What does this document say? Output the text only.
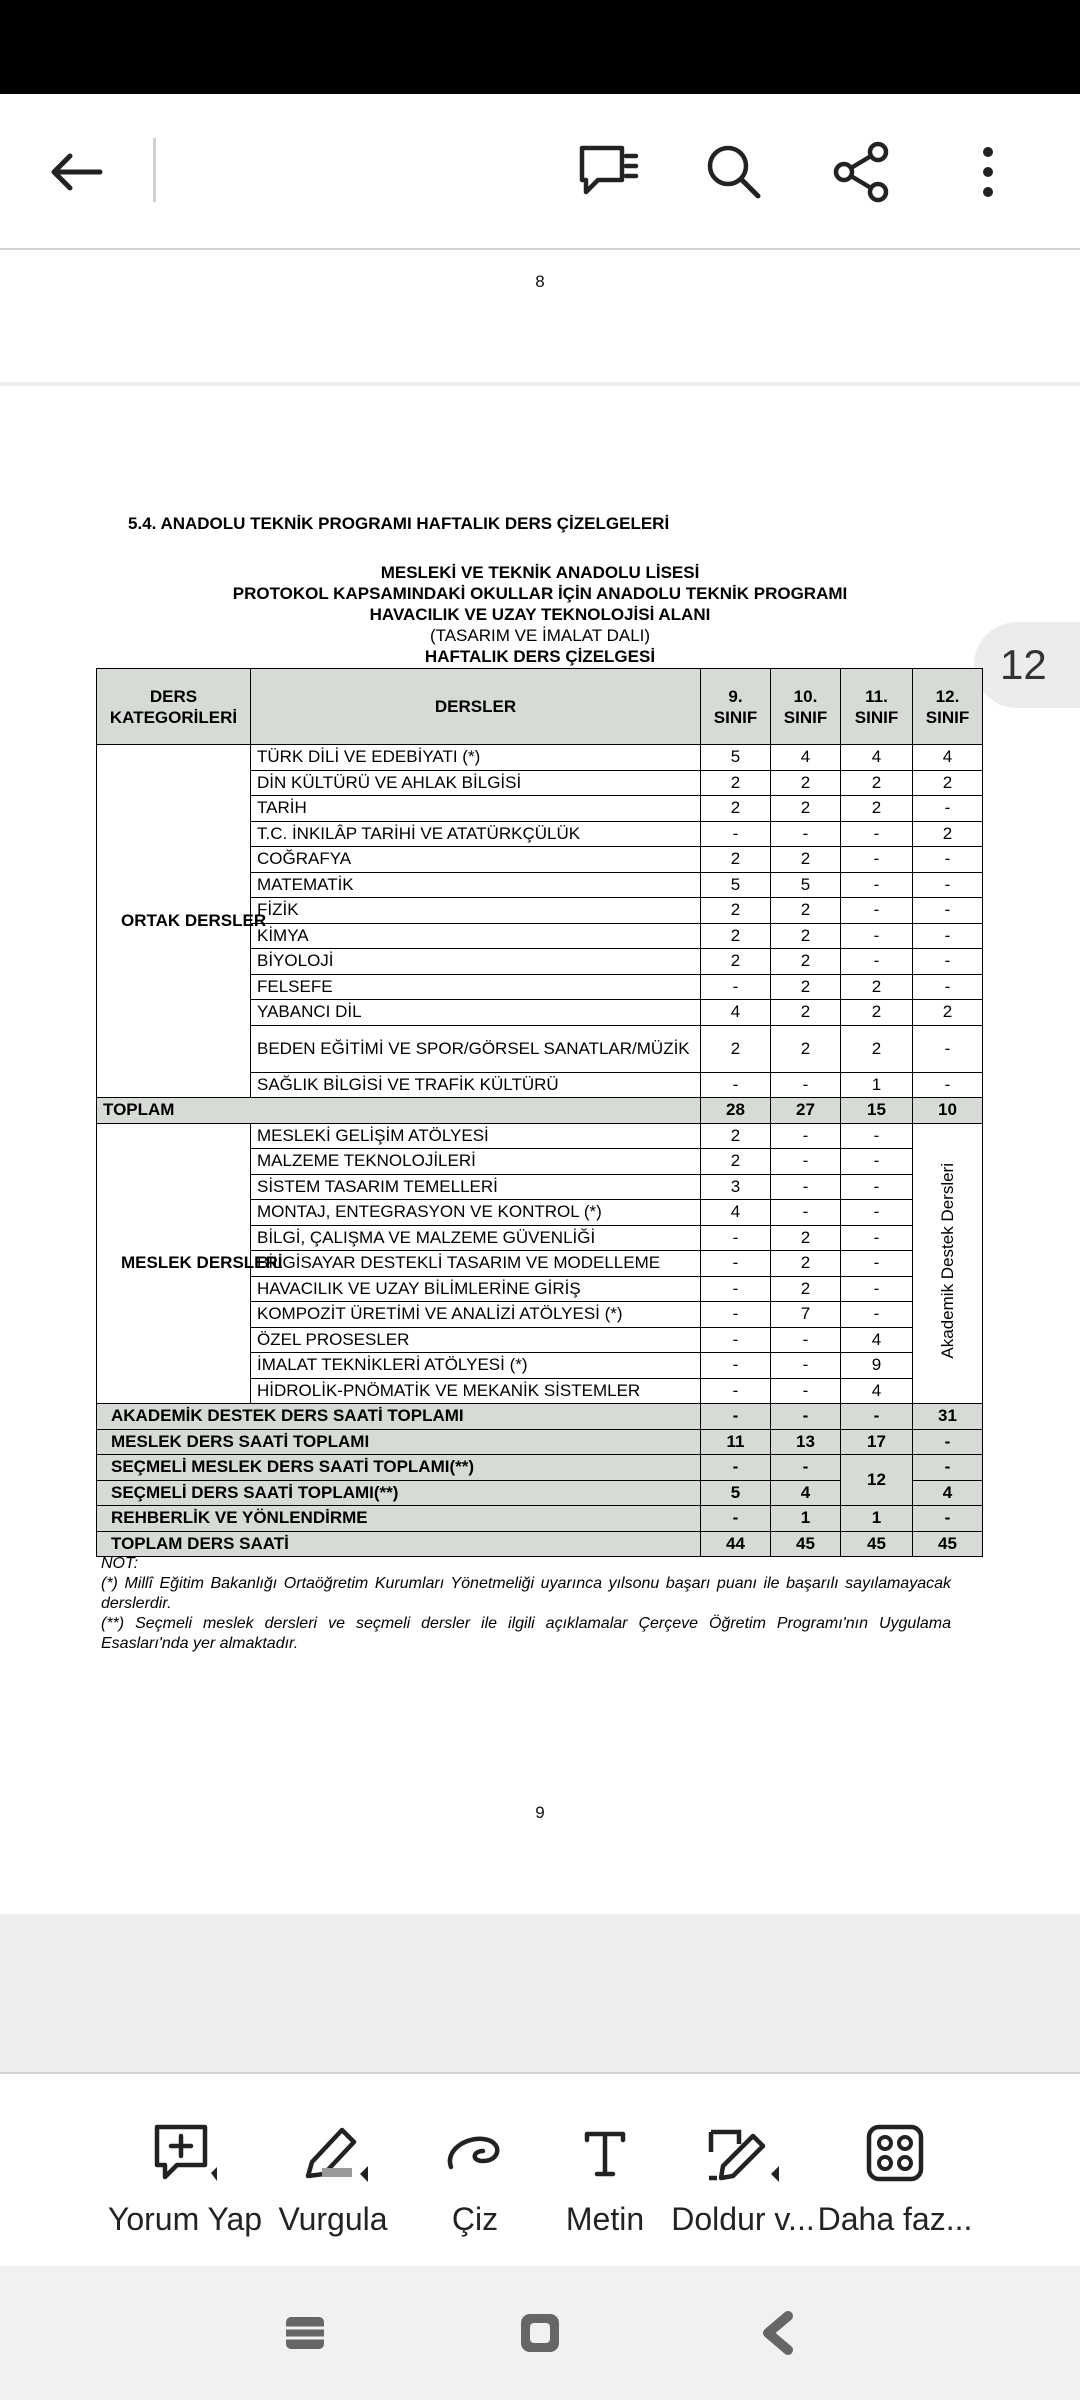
8
12
5.4. ANADOLU TEKNİK PROGRAMI HAFTALIK DERS ÇİZELGELERİ
MESLEKİ VE TEKNİK ANADOLU LİSESİ
PROTOKOL KAPSAMINDAKİ OKULLAR İÇİN ANADOLU TEKNİK PROGRAMI
HAVACILIK VE UZAY TEKNOLOJİSİ ALANI
(TASARIM VE İMALAT DALI)
HAFTALIK DERS ÇİZELGESİ
DERS KATEGORİLERİ	DERSLER	9. SINIF	10. SINIF	11. SINIF	12. SINIF
ORTAK DERSLER	TÜRK DİLİ VE EDEBİYATI (*)	5	4	4	4
	DİN KÜLTÜRÜ VE AHLAK BİLGİSİ	2	2	2	2
	TARİH	2	2	2	-
	T.C. İNKILÂP TARİHİ VE ATATÜRKÇÜLÜK	-	-	-	2
	COĞRAFYA	2	2	-	-
	MATEMATİK	5	5	-	-
	FİZİK	2	2	-	-
	KİMYA	2	2	-	-
	BİYOLOJİ	2	2	-	-
	FELSEFE	-	2	2	-
	YABANCI DİL	4	2	2	2
	BEDEN EĞİTİMİ VE SPOR/GÖRSEL SANATLAR/MÜZİK	2	2	2	-
	SAĞLIK BİLGİSİ VE TRAFİK KÜLTÜRÜ	-	-	1	-
TOPLAM		28	27	15	10
MESLEK DERSLERİ	MESLEKİ GELİŞİM ATÖLYESİ	2	-	-	Akademik Destek Dersleri
	MALZEME TEKNOLOJİLERİ	2	-	-	
	SİSTEM TASARIM TEMELLERİ	3	-	-	
	MONTAJ, ENTEGRASYON VE KONTROL (*)	4	-	-	
	BİLGİ, ÇALIŞMA VE MALZEME GÜVENLİĞİ	-	2	-	
	BİLGİSAYAR DESTEKLİ TASARIM VE MODELLEME	-	2	-	
	HAVACILIK VE UZAY BİLİMLERİNE GİRİŞ	-	2	-	
	KOMPOZİT ÜRETİMİ VE ANALİZİ ATÖLYESİ (*)	-	7	-	
	ÖZEL PROSESLER	-	-	4	
	İMALAT TEKNİKLERİ ATÖLYESİ (*)	-	-	9	
	HİDROLİK-PNÖMATİK VE MEKANİK SİSTEMLER	-	-	4	
AKADEMİK DESTEK DERS SAATİ TOPLAMI		-	-	-	31
MESLEK DERS SAATİ TOPLAMI		11	13	17	-
SEÇMELİ MESLEK DERS SAATİ TOPLAMI(**)		-	-	12	-
SEÇMELİ DERS SAATİ TOPLAMI(**)		5	4		4
REHBERLİK VE YÖNLENDİRME		-	1	1	-
TOPLAM DERS SAATİ		44	45	45	45
NOT:
(*) Millî Eğitim Bakanlığı Ortaöğretim Kurumları Yönetmeliği uyarınca yılsonu başarı puanı ile başarılı sayılamayacak derslerdir.
(**) Seçmeli meslek dersleri ve seçmeli dersler ile ilgili açıklamalar Çerçeve Öğretim Programı'nın Uygulama Esasları'nda yer almaktadır.
9
Yorum Yap Vurgula Çiz Metin Doldur v... Daha faz...
